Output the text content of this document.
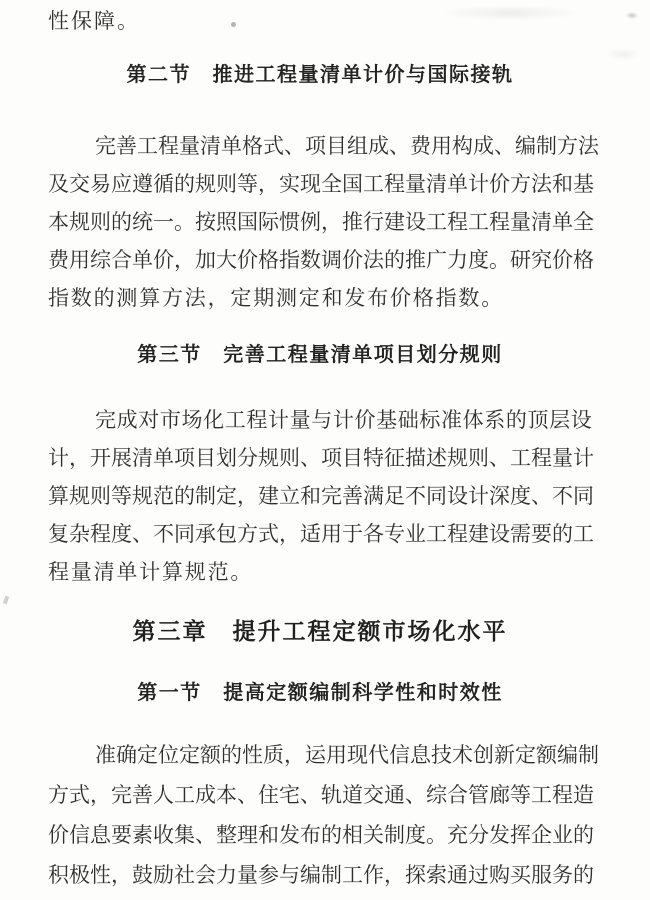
性保障。
第二节　推进工程量清单计价与国际接轨
完 善 工 程 量 清 单 格 式 、 项 目 组 成 、 费 用 构 成 、 编 制 方 法
及 交 易 应 遵 循 的 规 则 等 ， 实 现 全 国 工 程 量 清 单 计 价 方 法 和 基
本 规 则 的 统 一 。 按 照 国 际 惯 例 ， 推 行 建 设 工 程 工 程 量 清 单 全
费 用 综 合 单 价 ， 加 大 价 格 指 数 调 价 法 的 推 广 力 度 。 研 究 价 格
指数的测算方法，定期测定和发布价格指数。
第三节　完善工程量清单项目划分规则
完 成 对 市 场 化 工 程 计 量 与 计 价 基 础 标 准 体 系 的 顶 层 设
计 ， 开 展 清 单 项 目 划 分 规 则 、 项 目 特 征 描 述 规 则 、 工 程 量 计
算 规 则 等 规 范 的 制 定 ， 建 立 和 完 善 满 足 不 同 设 计 深 度 、 不 同
复 杂 程 度 、 不 同 承 包 方 式 ， 适 用 于 各 专 业 工 程 建 设 需 要 的 工
程量清单计算规范。
第三章　提升工程定额市场化水平
第一节　提高定额编制科学性和时效性
准 确 定 位 定 额 的 性 质 ， 运 用 现 代 信 息 技 术 创 新 定 额 编 制
方 式 ， 完 善 人 工 成 本 、 住 宅 、 轨 道 交 通 、 综 合 管 廊 等 工 程 造
价 信 息 要 素 收 集 、 整 理 和 发 布 的 相 关 制 度 。 充 分 发 挥 企 业 的
积 极 性 ， 鼓 励 社 会 力 量 参 与 编 制 工 作 ， 探 索 通 过 购 买 服 务 的
